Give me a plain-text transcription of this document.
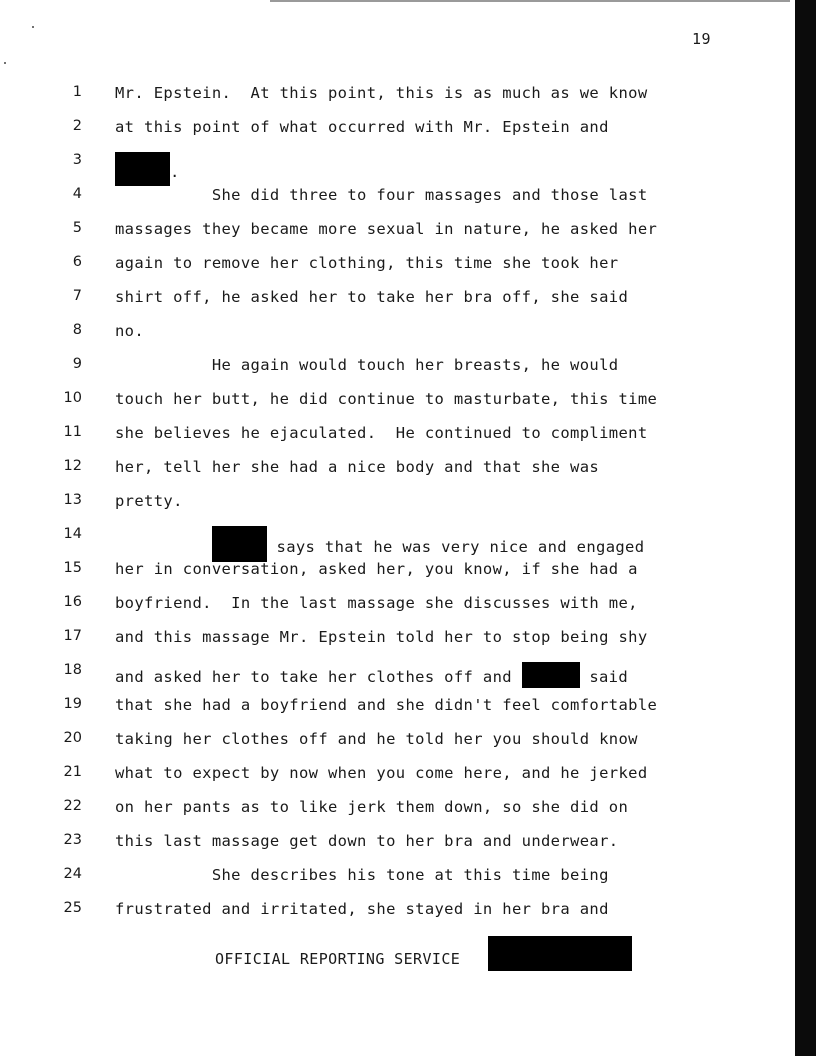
19
1 Mr. Epstein.  At this point, this is as much as we know
2 at this point of what occurred with Mr. Epstein and
3
.
4 She did three to four massages and those last
5 massages they became more sexual in nature, he asked her
6 again to remove her clothing, this time she took her
7 shirt off, he asked her to take her bra off, she said
8 no.
9 He again would touch her breasts, he would
10 touch her butt, he did continue to masturbate, this time
11 she believes he ejaculated.  He continued to compliment
12 her, tell her she had a nice body and that she was
13 pretty.
14
says that he was very nice and engaged
15 her in conversation, asked her, you know, if she had a
16 boyfriend.  In the last massage she discusses with me,
17 and this massage Mr. Epstein told her to stop being shy
18 and asked her to take her clothes off and	said
19 that she had a boyfriend and she didn't feel comfortable
20 taking her clothes off and he told her you should know
21 what to expect by now when you come here, and he jerked
22 on her pants as to like jerk them down, so she did on
23 this last massage get down to her bra and underwear.
24 She describes his tone at this time being
25 frustrated and irritated, she stayed in her bra and
OFFICIAL REPORTING SERVICE
